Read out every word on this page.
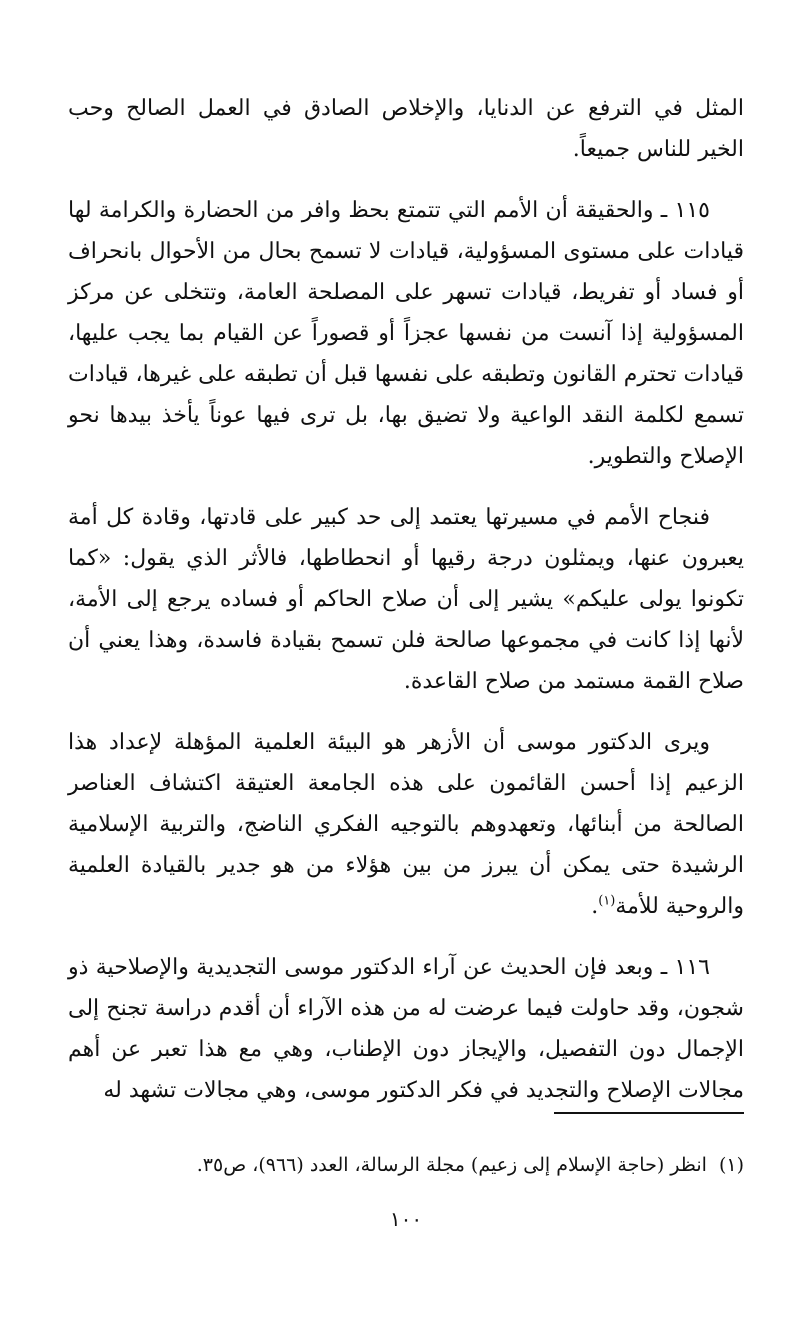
المثل في الترفع عن الدنايا، والإخلاص الصادق في العمل الصالح وحب الخير للناس جميعاً.

١١٥ ـ والحقيقة أن الأمم التي تتمتع بحظ وافر من الحضارة والكرامة لها قيادات على مستوى المسؤولية، قيادات لا تسمح بحال من الأحوال بانحراف أو فساد أو تفريط، قيادات تسهر على المصلحة العامة، وتتخلى عن مركز المسؤولية إذا آنست من نفسها عجزاً أو قصوراً عن القيام بما يجب عليها، قيادات تحترم القانون وتطبقه على نفسها قبل أن تطبقه على غيرها، قيادات تسمع لكلمة النقد الواعية ولا تضيق بها، بل ترى فيها عوناً يأخذ بيدها نحو الإصلاح والتطوير.

فنجاح الأمم في مسيرتها يعتمد إلى حد كبير على قادتها، وقادة كل أمة يعبرون عنها، ويمثلون درجة رقيها أو انحطاطها، فالأثر الذي يقول: «كما تكونوا يولى عليكم» يشير إلى أن صلاح الحاكم أو فساده يرجع إلى الأمة، لأنها إذا كانت في مجموعها صالحة فلن تسمح بقيادة فاسدة، وهذا يعني أن صلاح القمة مستمد من صلاح القاعدة.

ويرى الدكتور موسى أن الأزهر هو البيئة العلمية المؤهلة لإعداد هذا الزعيم إذا أحسن القائمون على هذه الجامعة العتيقة اكتشاف العناصر الصالحة من أبنائها، وتعهدوهم بالتوجيه الفكري الناضج، والتربية الإسلامية الرشيدة حتى يمكن أن يبرز من بين هؤلاء من هو جدير بالقيادة العلمية والروحية للأمة$^{(١)}$.

١١٦ ـ وبعد فإن الحديث عن آراء الدكتور موسى التجديدية والإصلاحية ذو شجون، وقد حاولت فيما عرضت له من هذه الآراء أن أقدم دراسة تجنح إلى الإجمال دون التفصيل، والإيجاز دون الإطناب، وهي مع هذا تعبر عن أهم مجالات الإصلاح والتجديد في فكر الدكتور موسى، وهي مجالات تشهد له

(١)انظر (حاجة الإسلام إلى زعيم) مجلة الرسالة، العدد (٩٦٦)، ص٣٥.
١٠٠
